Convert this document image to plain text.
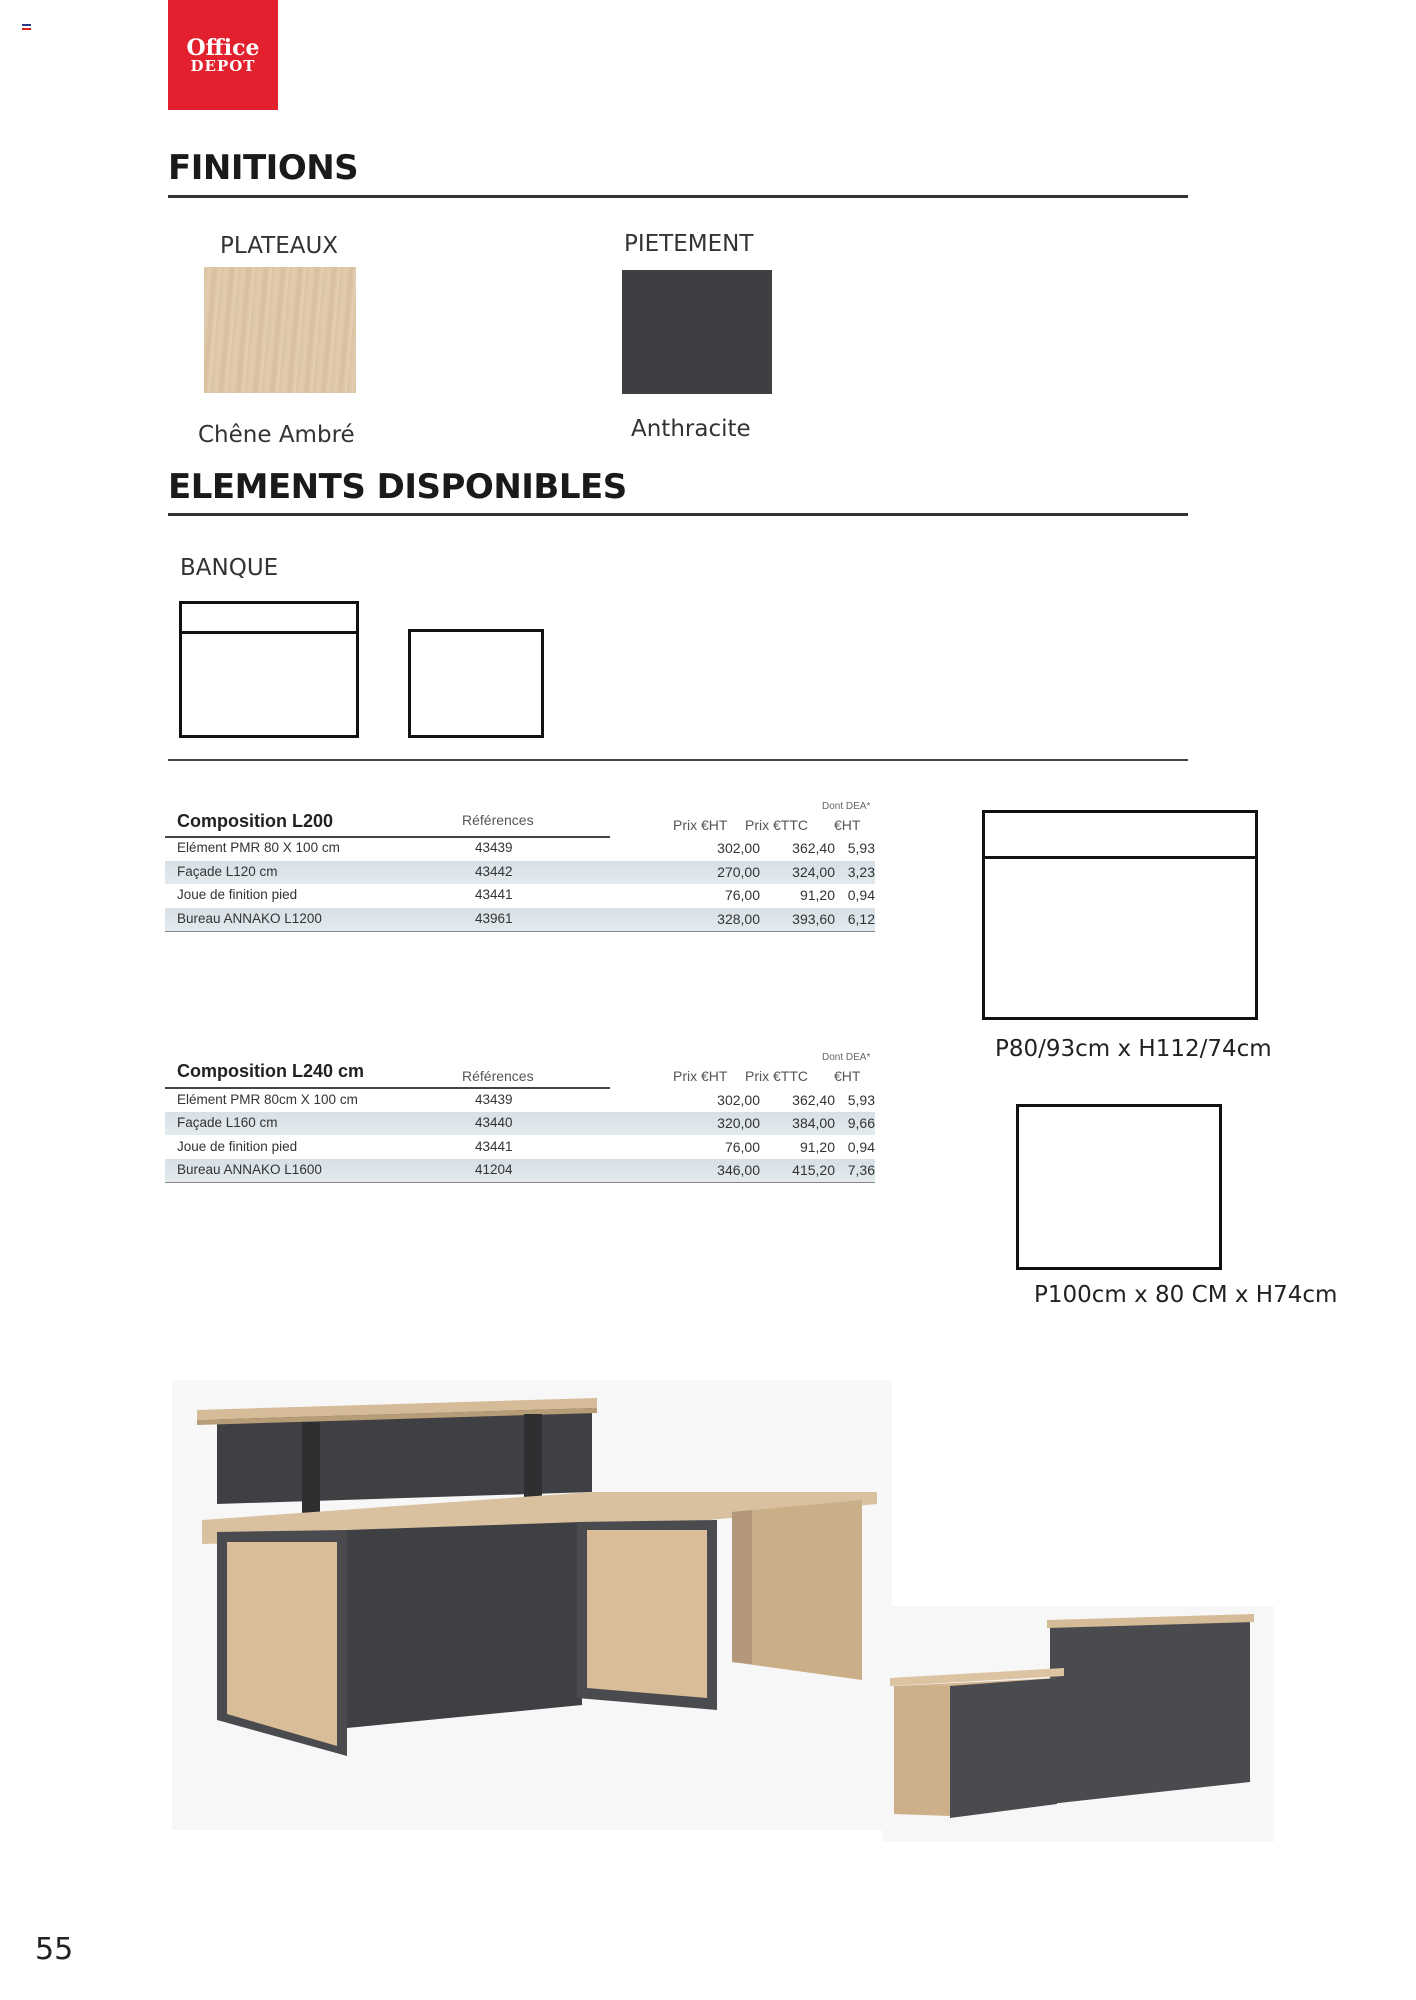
Office
DEPOT
FINITIONS
PLATEAUX
Chêne Ambré
PIETEMENT
Anthracite
ELEMENTS DISPONIBLES
BANQUE
Composition L200	Références	Prix €HT Prix €TTC
Dont DEA*
€HT
Elément PMR 80 X 100 cm	43439	302,00	362,40 5,93
Façade L120 cm	43442	270,00	324,00 3,23
Joue de finition pied	43441	76,00	91,20 0,94
Bureau ANNAKO L1200	43961	328,00	393,60 6,12
Composition L240 cm	Références	Prix €HT Prix €TTC
Dont DEA*
€HT
Elément PMR 80cm X 100 cm	43439	302,00	362,40 5,93
Façade L160 cm	43440	320,00	384,00 9,66
Joue de finition pied	43441	76,00	91,20 0,94
Bureau ANNAKO L1600	41204	346,00	415,20 7,36
P80/93cm x H112/74cm
P100cm x 80 CM x H74cm
55
